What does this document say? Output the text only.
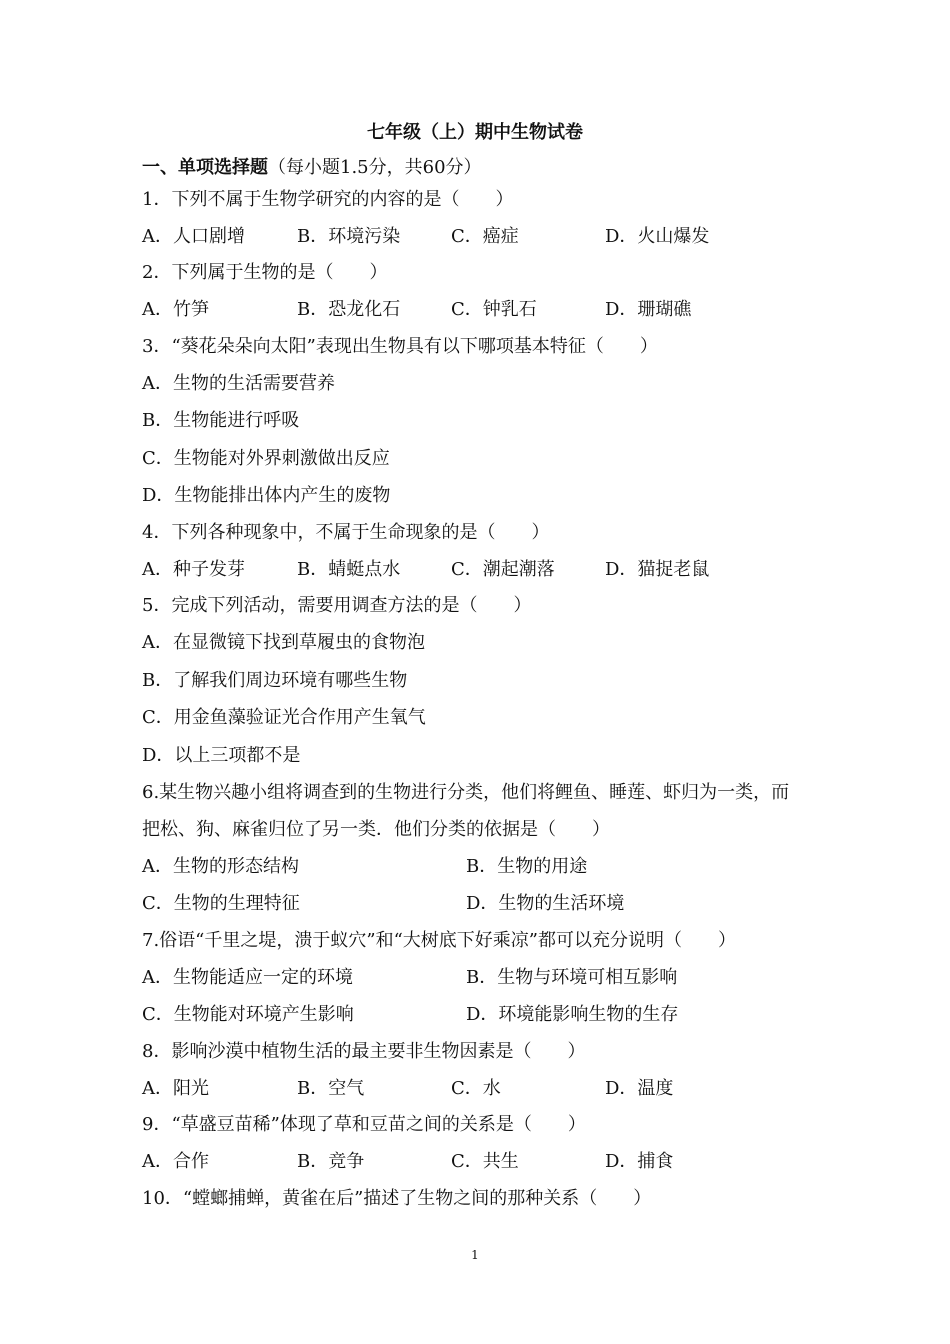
七年级（上）期中生物试卷
一、单项选择题（每小题1.5分，共60分）
1．下列不属于生物学研究的内容的是（　　）
A．人口剧增	B．环境污染	C．癌症	D．火山爆发
2．下列属于生物的是（　　）
A．竹笋	B．恐龙化石	C．钟乳石	D．珊瑚礁
3．“葵花朵朵向太阳”表现出生物具有以下哪项基本特征（　　）
A．生物的生活需要营养
B．生物能进行呼吸
C．生物能对外界刺激做出反应
D．生物能排出体内产生的废物
4．下列各种现象中，不属于生命现象的是（　　）
A．种子发芽	B．蜻蜓点水	C．潮起潮落	D．猫捉老鼠
5．完成下列活动，需要用调查方法的是（　　）
A．在显微镜下找到草履虫的食物泡
B．了解我们周边环境有哪些生物
C．用金鱼藻验证光合作用产生氧气
D．以上三项都不是
6.某生物兴趣小组将调查到的生物进行分类，他们将鲤鱼、睡莲、虾归为一类，而
把松、狗、麻雀归位了另一类．他们分类的依据是（　　）
A．生物的形态结构	B．生物的用途
C．生物的生理特征	D．生物的生活环境
7.俗语“千里之堤，溃于蚁穴”和“大树底下好乘凉”都可以充分说明（　　）
A．生物能适应一定的环境	B．生物与环境可相互影响
C．生物能对环境产生影响	D．环境能影响生物的生存
8．影响沙漠中植物生活的最主要非生物因素是（　　）
A．阳光	B．空气	C．水	D．温度
9．“草盛豆苗稀”体现了草和豆苗之间的关系是（　　）
A．合作	B．竞争	C．共生	D．捕食
10．“螳螂捕蝉，黄雀在后”描述了生物之间的那种关系（　　）
1
